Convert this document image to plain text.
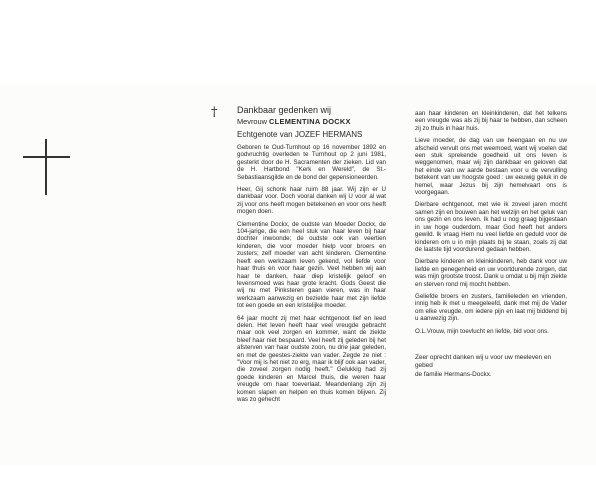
† Dankbaar gedenken wij
Mevrouw CLEMENTINA DOCKX
Echtgenote van JOZEF HERMANS

Geboren te Oud-Turnhout op 16 november 1892 en godvruchtig overleden te Turnhout op 2 juni 1981, gesterkt door de H. Sacramenten der zieken. Lid van de H. Hartbond "Kerk en Wereld", de St.-Sebastiaansgilde en de bond der gepensioneerden.

Heer, Gij schonk haar ruim 88 jaar. Wij zijn er U dankbaar voor. Doch vooral danken wij U voor al wat zij voor ons heeft mogen betekenen en voor ons heeft mogen doen.

Clementine Dockx, de oudste van Moeder Dockx, de 104-jarige, die een heel stuk van haar leven bij haar dochter inwoonde; de oudste ook van veertien kinderen, die voor moeder hielp voor broers en zusters; zelf moeder van acht kinderen. Clementine heeft een werkzaam leven gekend, vol liefde voor haar thuis en voor haar gezin. Veel hebben wij aan haar te danken, haar diep kristelijk geloof en levensmoed was haar grote kracht. Gods Geest die wij nu met Pinksteren gaan vieren, was in haar werkzaam aanwezig en bezielde haar met zijn liefde tot een goede en een kristelijke moeder.

64 jaar mocht zij met haar echtgenoot lief en leed delen. Het leven heeft haar veel vreugde gebracht maar ook veel zorgen en kommer, want de ziekte bleef haar niet bespaard. Veel heeft zij geleden bij het afsterven van haar oudste zoon, nu drie jaar geleden, en met de geestes-ziekte van vader. Zegde ze niet : "Voor mij is het niet zo erg, maar ik blijf ook aan vader, die zoveel zorgen nodig heeft." Gelukkig had zij goede kinderen en Marcel thuis, die weren haar vreugde om haar toeverlaat. Meandenlang zijn zij komen slapen en helpen en thuis komen blijven. Zij was zo gehecht

aan haar kinderen en kleinkinderen, dat het telkens een vreugde was als zij bij haar te hebben, dan scheen zij zo thuis in haar huis.

Lieve moeder, de dag van uw heengaan en nu uw afscheid vervult ons met weemoed, want wij voelen dat een stuk sprekende goedheid uit ons leven is weggenomen, maar wij zijn dankbaar en geloven dat het einde van uw aarde bestaan voor u de vervulling betekent van uw hoogste goed : uw eeuwig geluk in de hemel, waar Jezus bij zijn hemelvaart ons is voorgegaan.

Dierbare echtgenoot, met wie ik zoveel jaren mocht samen zijn en bouwen aan het welzijn en het geluk van ons gezin en ons leven. Ik had u nog graag bijgestaan in uw hoge ouderdom, maar God heeft het anders gewild. Ik vraag Hem nu veel liefde en geduld voor de kinderen om u in mijn plaats bij te staan, zoals zij dat de laatste tijd voordurend gedaan hebben.

Dierbare kinderen en kleinkinderen, heb dank voor uw liefde en genegenheid en uw voortdurende zorgen, dat was mijn grootste troost. Dank u omdat u bij mijn ziekte en sterven rond mij mocht hebben.

Geliefde broers en zusters, familieleden en vrienden, innig heb ik met u meegeleefd, dank met mij de Vader om elke vreugde, om iedere pijn en laat mij biddend bij u aanwezig zijn.

O.L.Vrouw, mijn toevlucht en liefde, bid voor ons.

Zeer oprecht danken wij u voor uw meeleven en gebed
de familie Hermans-Dockx.
